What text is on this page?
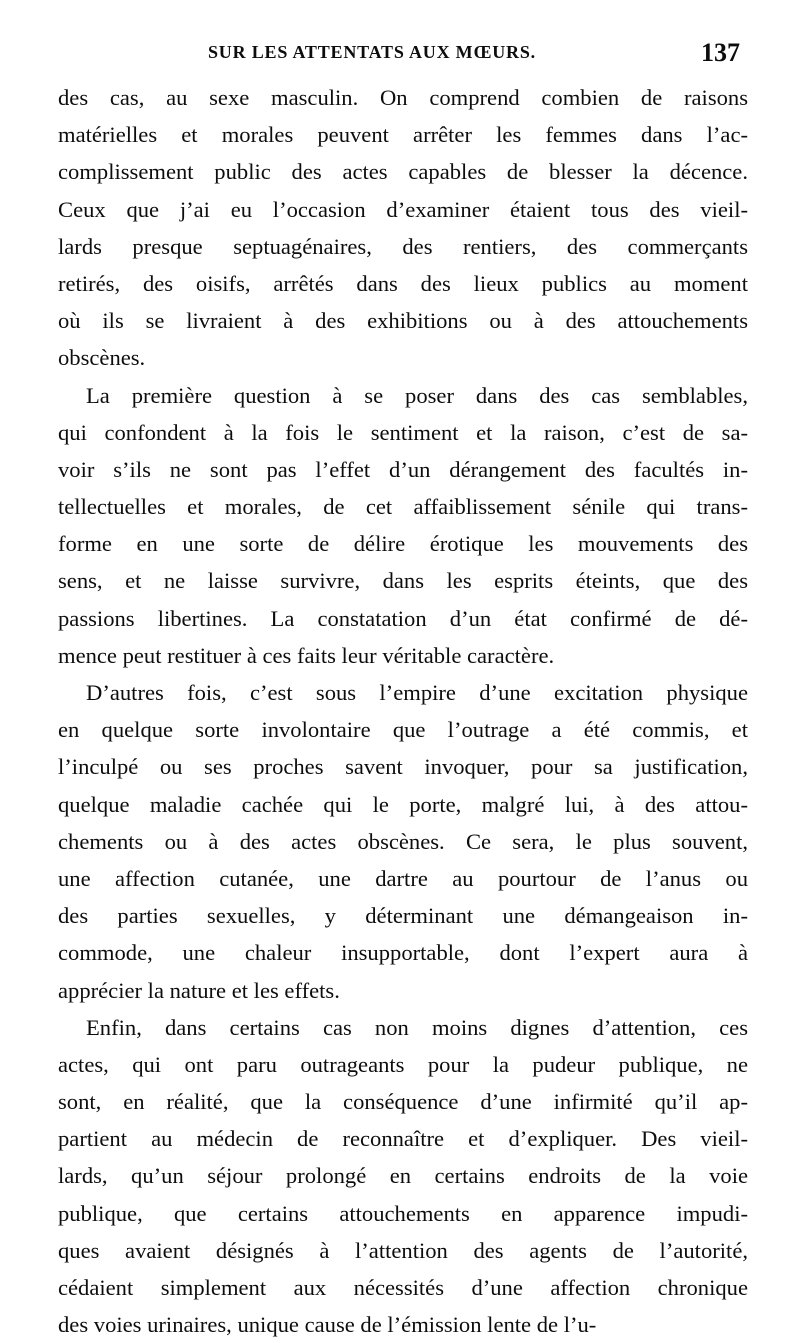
SUR LES ATTENTATS AUX MŒURS.	137
des cas, au sexe masculin. On comprend combien de raisons
matérielles et morales peuvent arrêter les femmes dans l’ac-
complissement public des actes capables de blesser la décence.
Ceux que j’ai eu l’occasion d’examiner étaient tous des vieil-
lards presque septuagénaires, des rentiers, des commerçants
retirés, des oisifs, arrêtés dans des lieux publics au moment
où ils se livraient à des exhibitions ou à des attouchements
obscènes.
La première question à se poser dans des cas semblables,
qui confondent à la fois le sentiment et la raison, c’est de sa-
voir s’ils ne sont pas l’effet d’un dérangement des facultés in-
tellectuelles et morales, de cet affaiblissement sénile qui trans-
forme en une sorte de délire érotique les mouvements des
sens, et ne laisse survivre, dans les esprits éteints, que des
passions libertines. La constatation d’un état confirmé de dé-
mence peut restituer à ces faits leur véritable caractère.
D’autres fois, c’est sous l’empire d’une excitation physique
en quelque sorte involontaire que l’outrage a été commis, et
l’inculpé ou ses proches savent invoquer, pour sa justification,
quelque maladie cachée qui le porte, malgré lui, à des attou-
chements ou à des actes obscènes. Ce sera, le plus souvent,
une affection cutanée, une dartre au pourtour de l’anus ou
des parties sexuelles, y déterminant une démangeaison in-
commode, une chaleur insupportable, dont l’expert aura à
apprécier la nature et les effets.
Enfin, dans certains cas non moins dignes d’attention, ces
actes, qui ont paru outrageants pour la pudeur publique, ne
sont, en réalité, que la conséquence d’une infirmité qu’il ap-
partient au médecin de reconnaître et d’expliquer. Des vieil-
lards, qu’un séjour prolongé en certains endroits de la voie
publique, que certains attouchements en apparence impudi-
ques avaient désignés à l’attention des agents de l’autorité,
cédaient simplement aux nécessités d’une affection chronique
des voies urinaires, unique cause de l’émission lente de l’u-
